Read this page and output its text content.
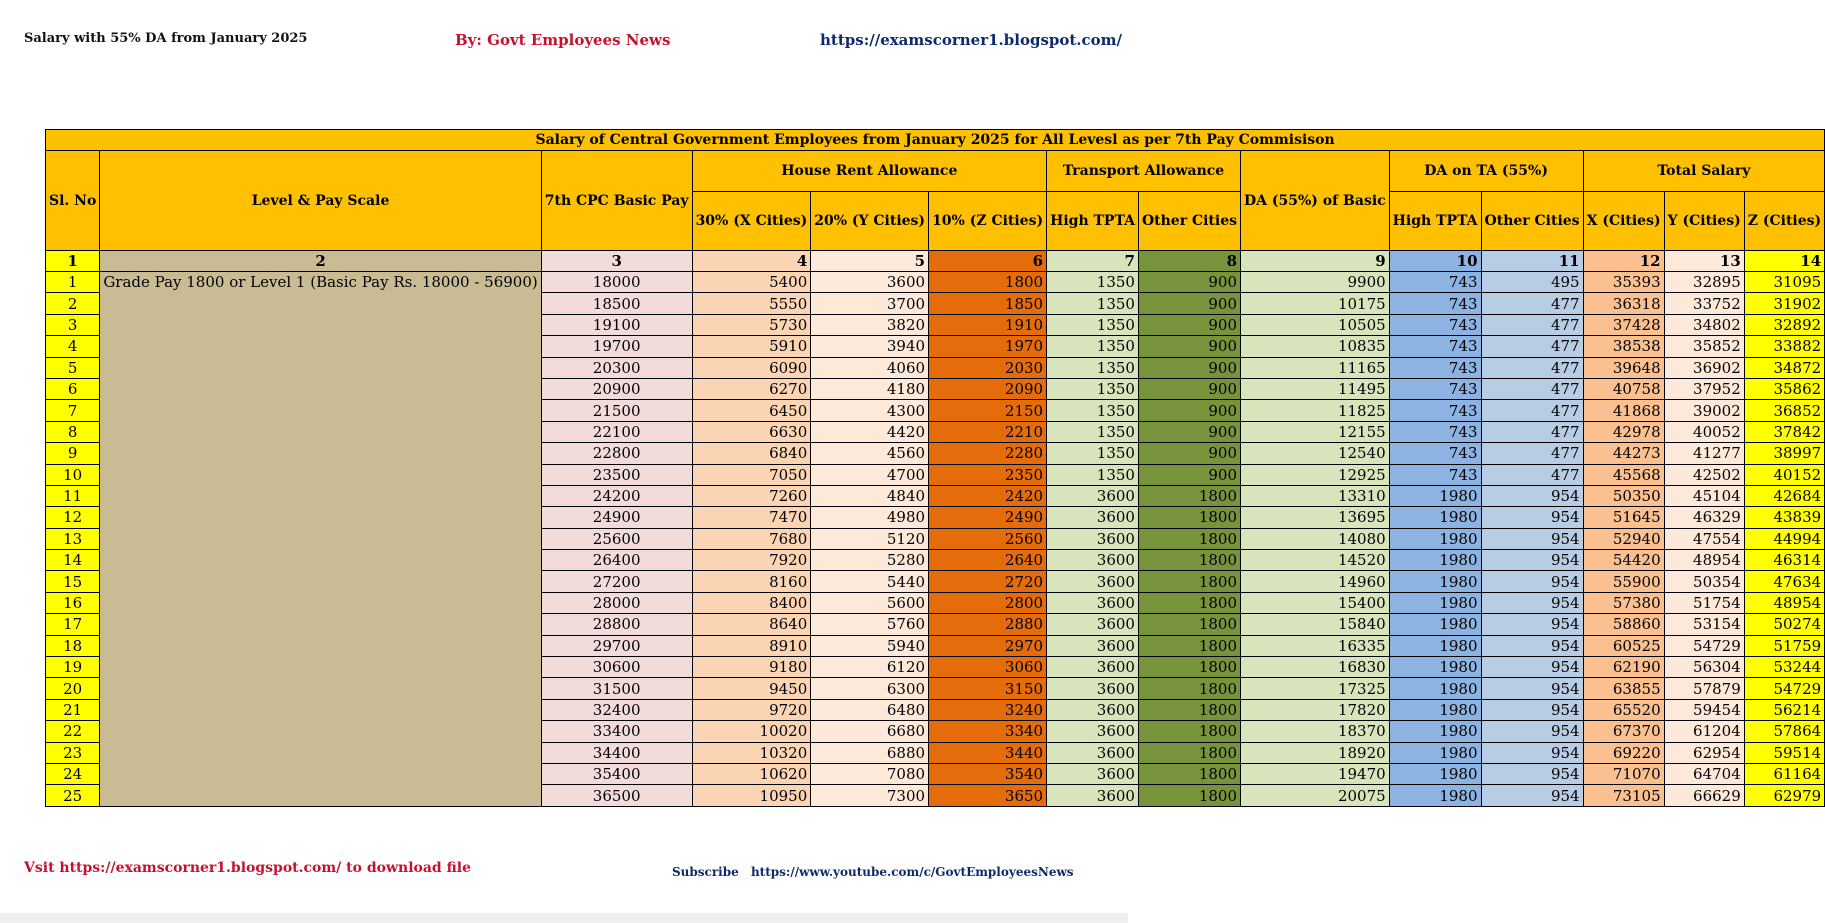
Salary with 55% DA from January 2025	By: Govt Employees News	https://examscorner1.blogspot.com/
Salary of Central Government Employees from January 2025 for All Levesl as per 7th Pay Commisison													
Sl. No	Level & Pay Scale	7th CPC Basic Pay	House Rent Allowance			Transport Allowance		DA (55%) of Basic	DA on TA (55%)		Total Salary		
			30% (X Cities)	20% (Y Cities)	10% (Z Cities)	High TPTA	Other Cities		High TPTA	Other Cities	X (Cities)	Y (Cities)	Z (Cities)
1	2	3	4	5	6	7	8	9	10	11	12	13	14
1	Grade Pay 1800 or Level 1 (Basic Pay Rs. 18000 - 56900)	18000	5400	3600	1800	1350	900	9900	743	495	35393	32895	31095
2		18500	5550	3700	1850	1350	900	10175	743	477	36318	33752	31902
3		19100	5730	3820	1910	1350	900	10505	743	477	37428	34802	32892
4		19700	5910	3940	1970	1350	900	10835	743	477	38538	35852	33882
5		20300	6090	4060	2030	1350	900	11165	743	477	39648	36902	34872
6		20900	6270	4180	2090	1350	900	11495	743	477	40758	37952	35862
7		21500	6450	4300	2150	1350	900	11825	743	477	41868	39002	36852
8		22100	6630	4420	2210	1350	900	12155	743	477	42978	40052	37842
9		22800	6840	4560	2280	1350	900	12540	743	477	44273	41277	38997
10		23500	7050	4700	2350	1350	900	12925	743	477	45568	42502	40152
11		24200	7260	4840	2420	3600	1800	13310	1980	954	50350	45104	42684
12		24900	7470	4980	2490	3600	1800	13695	1980	954	51645	46329	43839
13		25600	7680	5120	2560	3600	1800	14080	1980	954	52940	47554	44994
14		26400	7920	5280	2640	3600	1800	14520	1980	954	54420	48954	46314
15		27200	8160	5440	2720	3600	1800	14960	1980	954	55900	50354	47634
16		28000	8400	5600	2800	3600	1800	15400	1980	954	57380	51754	48954
17		28800	8640	5760	2880	3600	1800	15840	1980	954	58860	53154	50274
18		29700	8910	5940	2970	3600	1800	16335	1980	954	60525	54729	51759
19		30600	9180	6120	3060	3600	1800	16830	1980	954	62190	56304	53244
20		31500	9450	6300	3150	3600	1800	17325	1980	954	63855	57879	54729
21		32400	9720	6480	3240	3600	1800	17820	1980	954	65520	59454	56214
22		33400	10020	6680	3340	3600	1800	18370	1980	954	67370	61204	57864
23		34400	10320	6880	3440	3600	1800	18920	1980	954	69220	62954	59514
24		35400	10620	7080	3540	3600	1800	19470	1980	954	71070	64704	61164
25		36500	10950	7300	3650	3600	1800	20075	1980	954	73105	66629	62979
Vsit https://examscorner1.blogspot.com/ to download file	Subscribe https://www.youtube.com/c/GovtEmployeesNews
